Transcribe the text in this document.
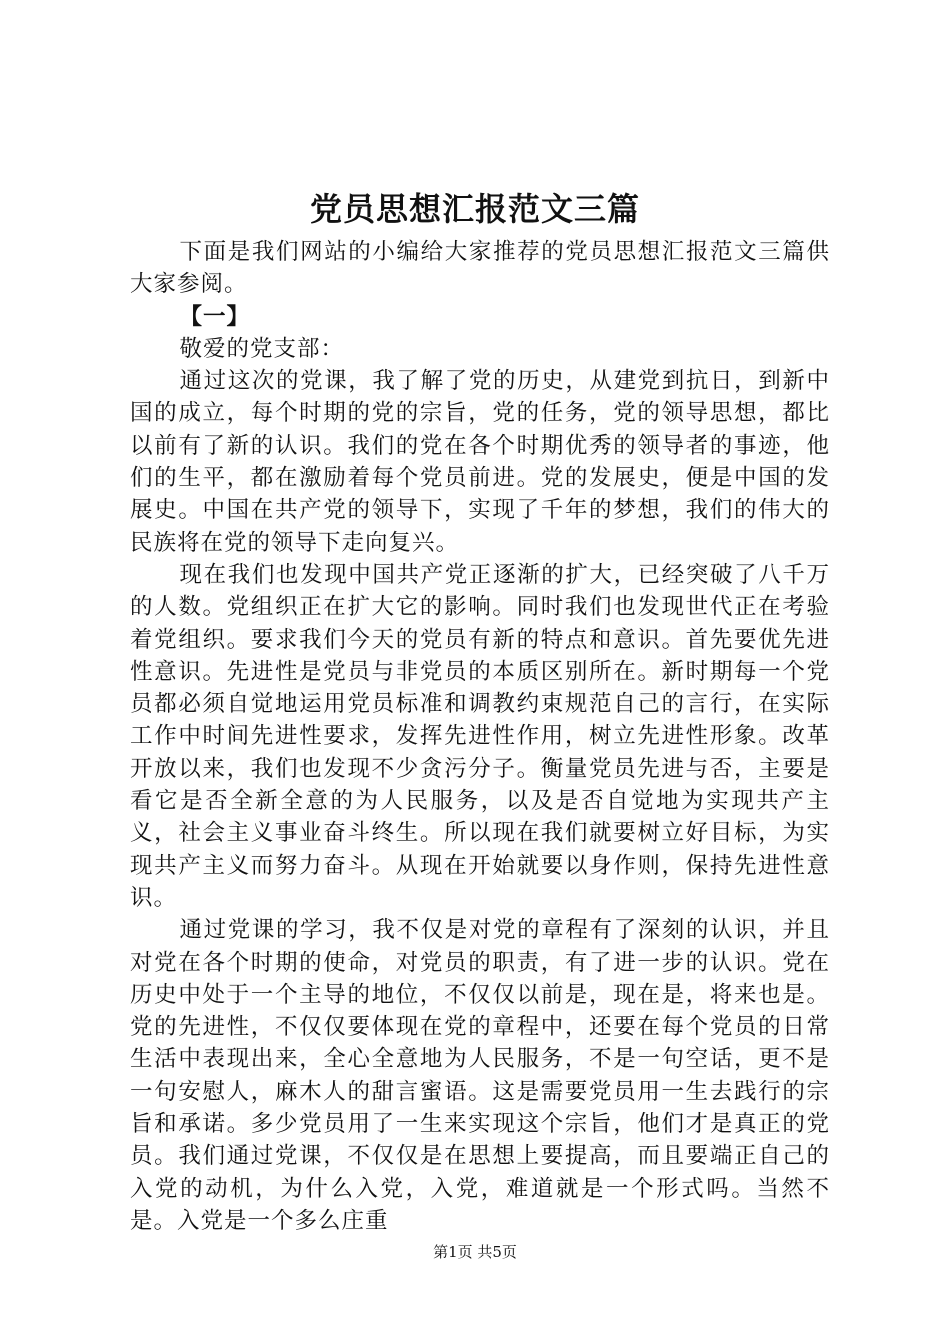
党员思想汇报范文三篇

下面是我们网站的小编给大家推荐的党员思想汇报范文三篇供大家参阅。

【一】

敬爱的党支部：

通过这次的党课，我了解了党的历史，从建党到抗日，到新中国的成立，每个时期的党的宗旨，党的任务，党的领导思想，都比以前有了新的认识。我们的党在各个时期优秀的领导者的事迹，他们的生平，都在激励着每个党员前进。党的发展史，便是中国的发展史。中国在共产党的领导下，实现了千年的梦想，我们的伟大的民族将在党的领导下走向复兴。

现在我们也发现中国共产党正逐渐的扩大，已经突破了八千万的人数。党组织正在扩大它的影响。同时我们也发现世代正在考验着党组织。要求我们今天的党员有新的特点和意识。首先要优先进性意识。先进性是党员与非党员的本质区别所在。新时期每一个党员都必须自觉地运用党员标准和调教约束规范自己的言行，在实际工作中时间先进性要求，发挥先进性作用，树立先进性形象。改革开放以来，我们也发现不少贪污分子。衡量党员先进与否，主要是看它是否全新全意的为人民服务，以及是否自觉地为实现共产主义，社会主义事业奋斗终生。所以现在我们就要树立好目标，为实现共产主义而努力奋斗。从现在开始就要以身作则，保持先进性意识。

通过党课的学习，我不仅是对党的章程有了深刻的认识，并且对党在各个时期的使命，对党员的职责，有了进一步的认识。党在历史中处于一个主导的地位，不仅仅以前是，现在是，将来也是。党的先进性，不仅仅要体现在党的章程中，还要在每个党员的日常生活中表现出来，全心全意地为人民服务，不是一句空话，更不是一句安慰人，麻木人的甜言蜜语。这是需要党员用一生去践行的宗旨和承诺。多少党员用了一生来实现这个宗旨，他们才是真正的党员。我们通过党课，不仅仅是在思想上要提高，而且要端正自己的入党的动机，为什么入党，入党，难道就是一个形式吗。当然不是。入党是一个多么庄重

第1页 共5页
